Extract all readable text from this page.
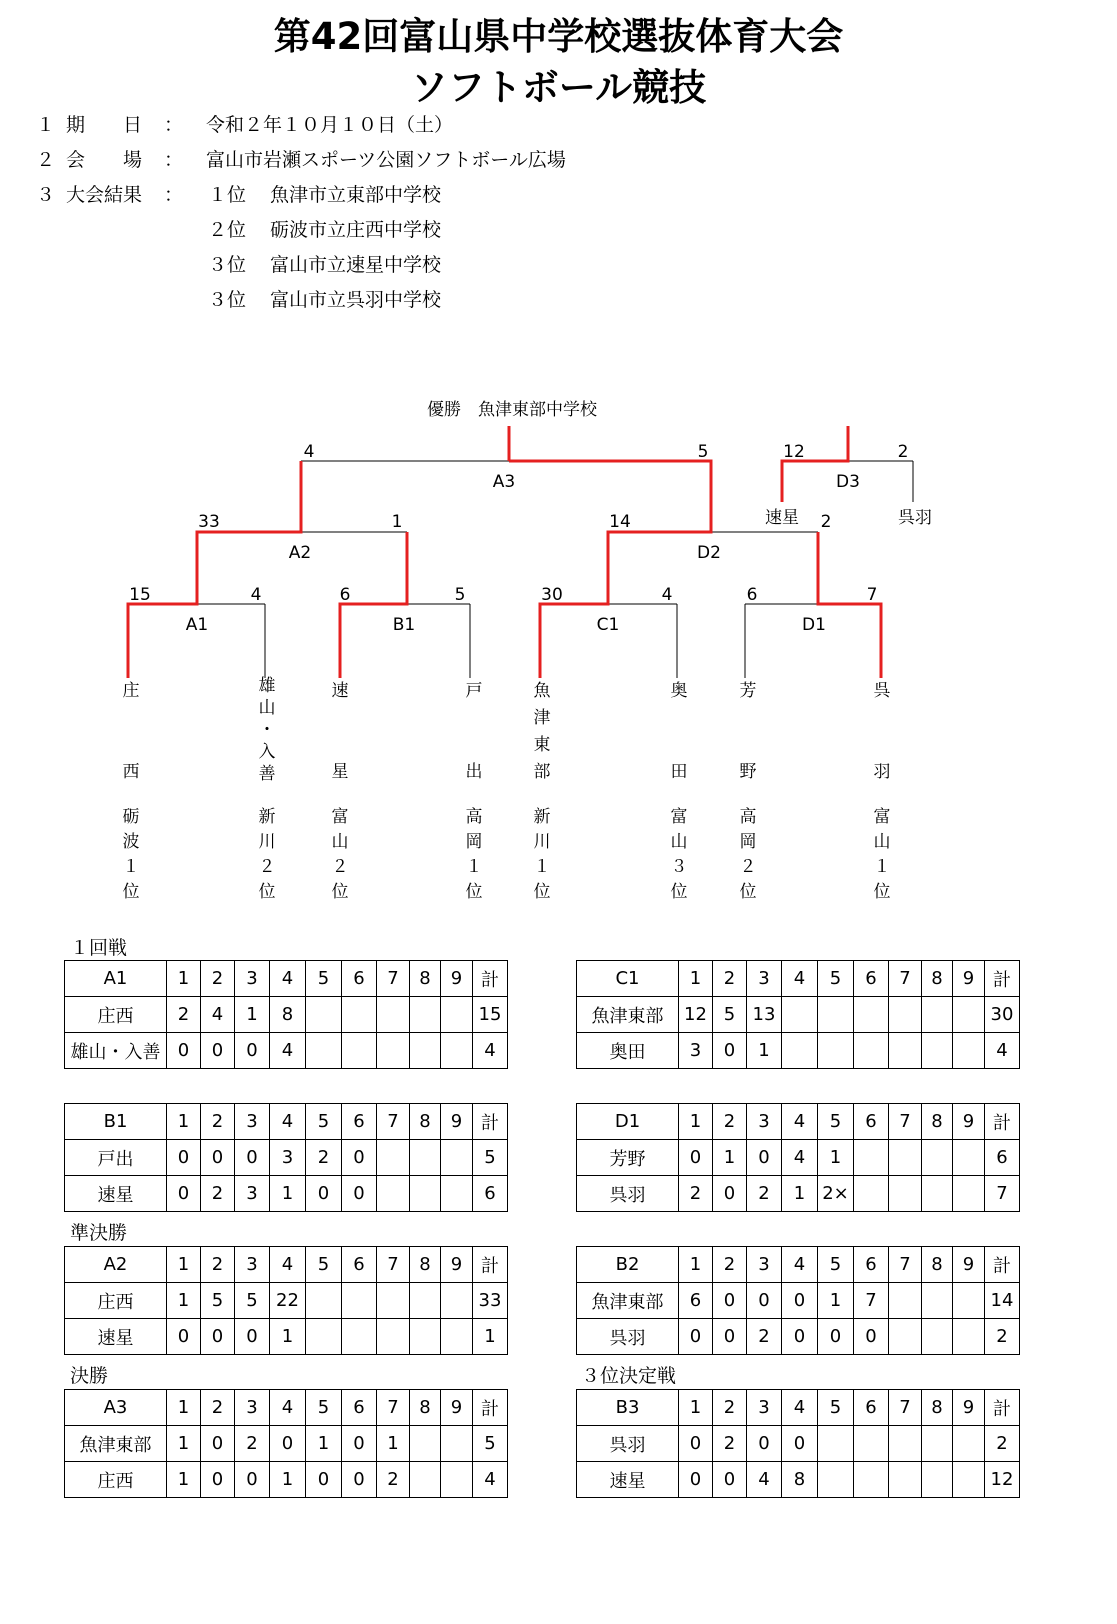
第42回富山県中学校選抜体育大会
ソフトボール競技
１ 期　　日 ： 令和２年１０月１０日（土）
２ 会　　場 ： 富山市岩瀬スポーツ公園ソフトボール広場
３ 大会結果 ： １位 魚津市立東部中学校
２位 砺波市立庄西中学校
３位 富山市立速星中学校
３位 富山市立呉羽中学校
優勝　魚津東部中学校
A1	B1	C1	D1
A2	D2
A3	D3
15	4	6	5	30	4	6	7
33	1	14	2
4	5	12	2
速星	呉羽
庄
西
砺
波
１
位
雄
山
・
入
善
新
川
２
位
速
星
富
山
２
位
戸
出
高
岡
１
位
魚
津
東
部
新
川
１
位
奥
田
富
山
３
位
芳
野
高
岡
２
位
呉
羽
富
山
１
位
１回戦
準決勝
決勝	３位決定戦
A1	1	2	3	4	5	6	7	8	9	計
庄西	2	4	1	8						15
雄山・入善	0	0	0	4						4
C1	1	2	3	4	5	6	7	8	9	計
魚津東部	12	5	13							30
奥田	3	0	1							4
B1	1	2	3	4	5	6	7	8	9	計
戸出	0	0	0	3	2	0				5
速星	0	2	3	1	0	0				6
D1	1	2	3	4	5	6	7	8	9	計
芳野	0	1	0	4	1					6
呉羽	2	0	2	1	2×					7
A2	1	2	3	4	5	6	7	8	9	計
庄西	1	5	5	22						33
速星	0	0	0	1						1
B2	1	2	3	4	5	6	7	8	9	計
魚津東部	6	0	0	0	1	7				14
呉羽	0	0	2	0	0	0				2
A3	1	2	3	4	5	6	7	8	9	計
魚津東部	1	0	2	0	1	0	1			5
庄西	1	0	0	1	0	0	2			4
B3	1	2	3	4	5	6	7	8	9	計
呉羽	0	2	0	0						2
速星	0	0	4	8						12
